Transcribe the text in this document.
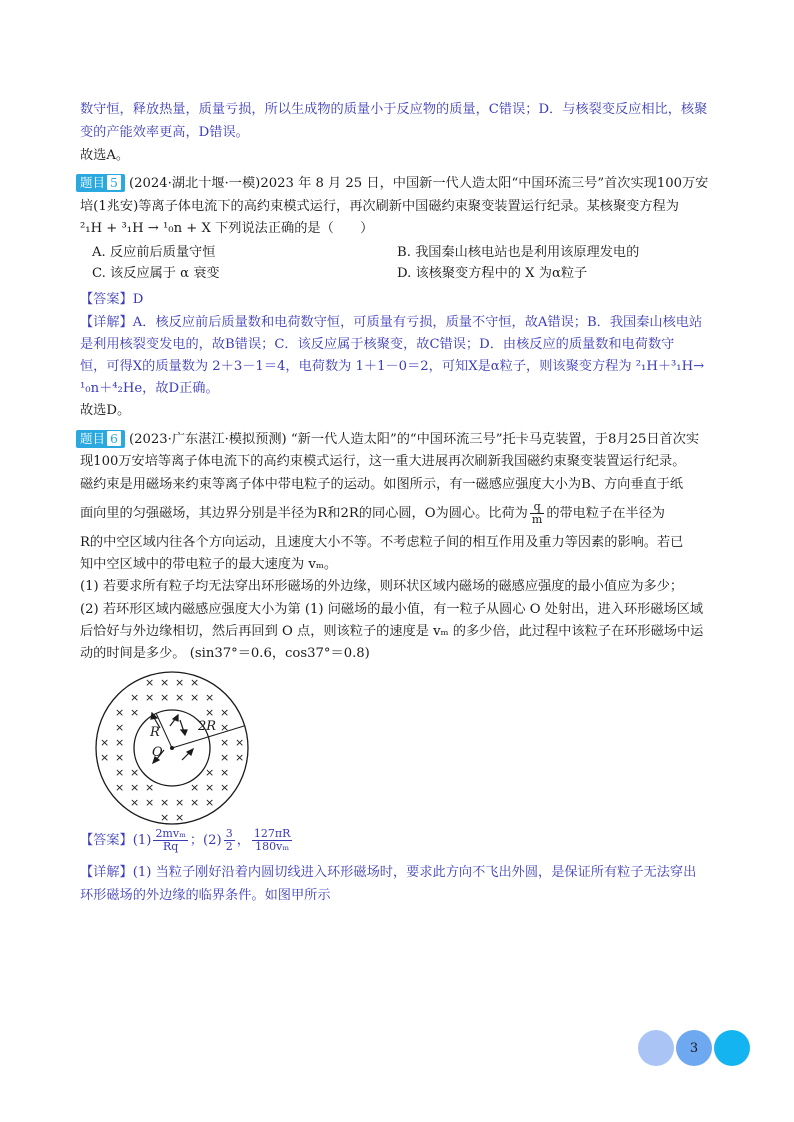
数守恒，释放热量，质量亏损，所以生成物的质量小于反应物的质量，C错误；D．与核裂变反应相比，核聚
变的产能效率更高，D错误。
故选A。
题目 5 (2024·湖北十堰·一模)2023 年 8 月 25 日，中国新一代人造太阳“中国环流三号”首次实现100万安
培(1兆安)等离子体电流下的高约束模式运行，再次刷新中国磁约束聚变装置运行纪录。某核聚变方程为
²₁H + ³₁H → ¹₀n + X 下列说法正确的是（　　）
A. 反应前后质量守恒	B. 我国秦山核电站也是利用该原理发电的
C. 该反应属于 α 衰变	D. 该核聚变方程中的 X 为α粒子
【答案】D
【详解】A．核反应前后质量数和电荷数守恒，可质量有亏损，质量不守恒，故A错误；B．我国秦山核电站
是利用核裂变发电的，故B错误；C．该反应属于核聚变，故C错误；D．由核反应的质量数和电荷数守
恒，可得X的质量数为 2＋3－1＝4，电荷数为 1＋1－0＝2，可知X是α粒子，则该聚变方程为 ²₁H＋³₁H→
¹₀n＋⁴₂He，故D正确。
故选D。
题目 6 (2023·广东湛江·模拟预测) “新一代人造太阳”的“中国环流三号”托卡马克装置，于8月25日首次实
现100万安培等离子体电流下的高约束模式运行，这一重大进展再次刷新我国磁约束聚变装置运行纪录。
磁约束是用磁场来约束等离子体中带电粒子的运动。如图所示，有一磁感应强度大小为B、方向垂直于纸
面向里的匀强磁场，其边界分别是半径为R和2R的同心圆，O为圆心。比荷为 $\frac{q}{m}$ 的带电粒子在半径为
R的中空区域内往各个方向运动，且速度大小不等。不考虑粒子间的相互作用及重力等因素的影响。若已
知中空区域中的带电粒子的最大速度为 vₘ。
(1) 若要求所有粒子均无法穿出环形磁场的外边缘，则环状区域内磁场的磁感应强度的最小值应为多少；
(2) 若环形区域内磁感应强度大小为第 (1) 问磁场的最小值，有一粒子从圆心 O 处射出，进入环形磁场区域
后恰好与外边缘相切，然后再回到 O 点，则该粒子的速度是 vₘ 的多少倍，此过程中该粒子在环形磁场中运
动的时间是多少。 (sin37°＝0.6，cos37°＝0.8)
× × × ×
× × × × × ×
× ×	× ×
×	×
× ×	× ×
× ×	× ×
× ×	× ×
× × ×	× × ×
× × × × × ×
× ×
R	2R
O
【答案】$(1) \frac{\text{2mvₘ}}{Rq}$ ；$(2) \frac{3}{2}$ ， $\frac{127\pi R}{\text{180vₘ}}$
【详解】(1) 当粒子刚好沿着内圆切线进入环形磁场时，要求此方向不飞出外圆，是保证所有粒子无法穿出
环形磁场的外边缘的临界条件。如图甲所示
3
